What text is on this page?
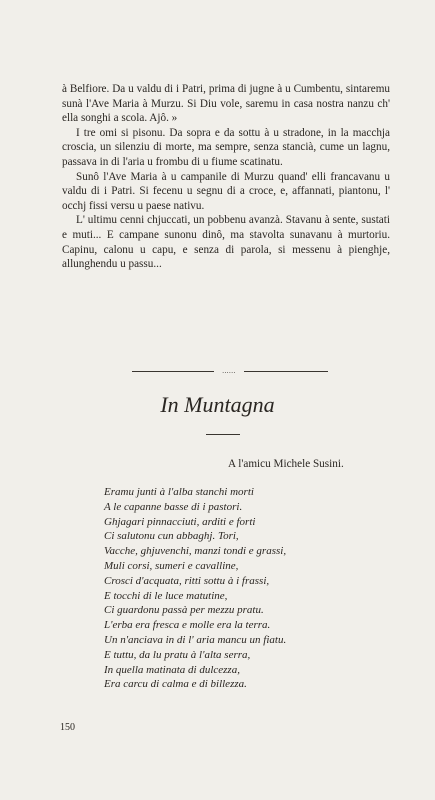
à Belfiore. Da u valdu di i Patri, prima di jugne à u Cumbentu, sintaremu sunà l'Ave Maria à Murzu. Si Diu vole, saremu in casa nostra nanzu ch' ella songhi a scola. Ajô. »

I tre omi si pisonu. Da sopra e da sottu à u stradone, in la macchja croscia, un silenziu di morte, ma sempre, senza stancià, cume un lagnu, passava in di l'aria u frombu di u fiume scatinatu.

Sunô l'Ave Maria à u campanile di Murzu quand' elli francavanu u valdu di i Patri. Si fecenu u segnu di a croce, e, affannati, piantonu, l' occhj fissi versu u paese nativu.

L' ultimu cenni chjuccati, un pobbenu avanzà. Stavanu à sente, sustati e muti... E campane sunonu dinô, ma stavolta sunavanu à murtoriu. Capinu, calonu u capu, e senza di parola, si messenu à pienghje, allunghendu u passu...

......
In Muntagna
A l'amicu Michele Susini.
Eramu junti à l'alba stanchi morti
A le capanne basse di i pastori.
Ghjagari pinnacciuti, arditi e forti
Ci salutonu cun abbaghj. Tori,
Vacche, ghjuvenchi, manzi tondi e grassi,
Muli corsi, sumeri e cavalline,
Crosci d'acquata, ritti sottu à i frassi,
E tocchi di le luce matutine,
Ci guardonu passà per mezzu pratu.
L'erba era fresca e molle era la terra.
Un n'anciava in di l' aria mancu un fiatu.
E tuttu, da lu pratu à l'alta serra,
In quella matinata di dulcezza,
Era carcu di calma e di billezza.
150
